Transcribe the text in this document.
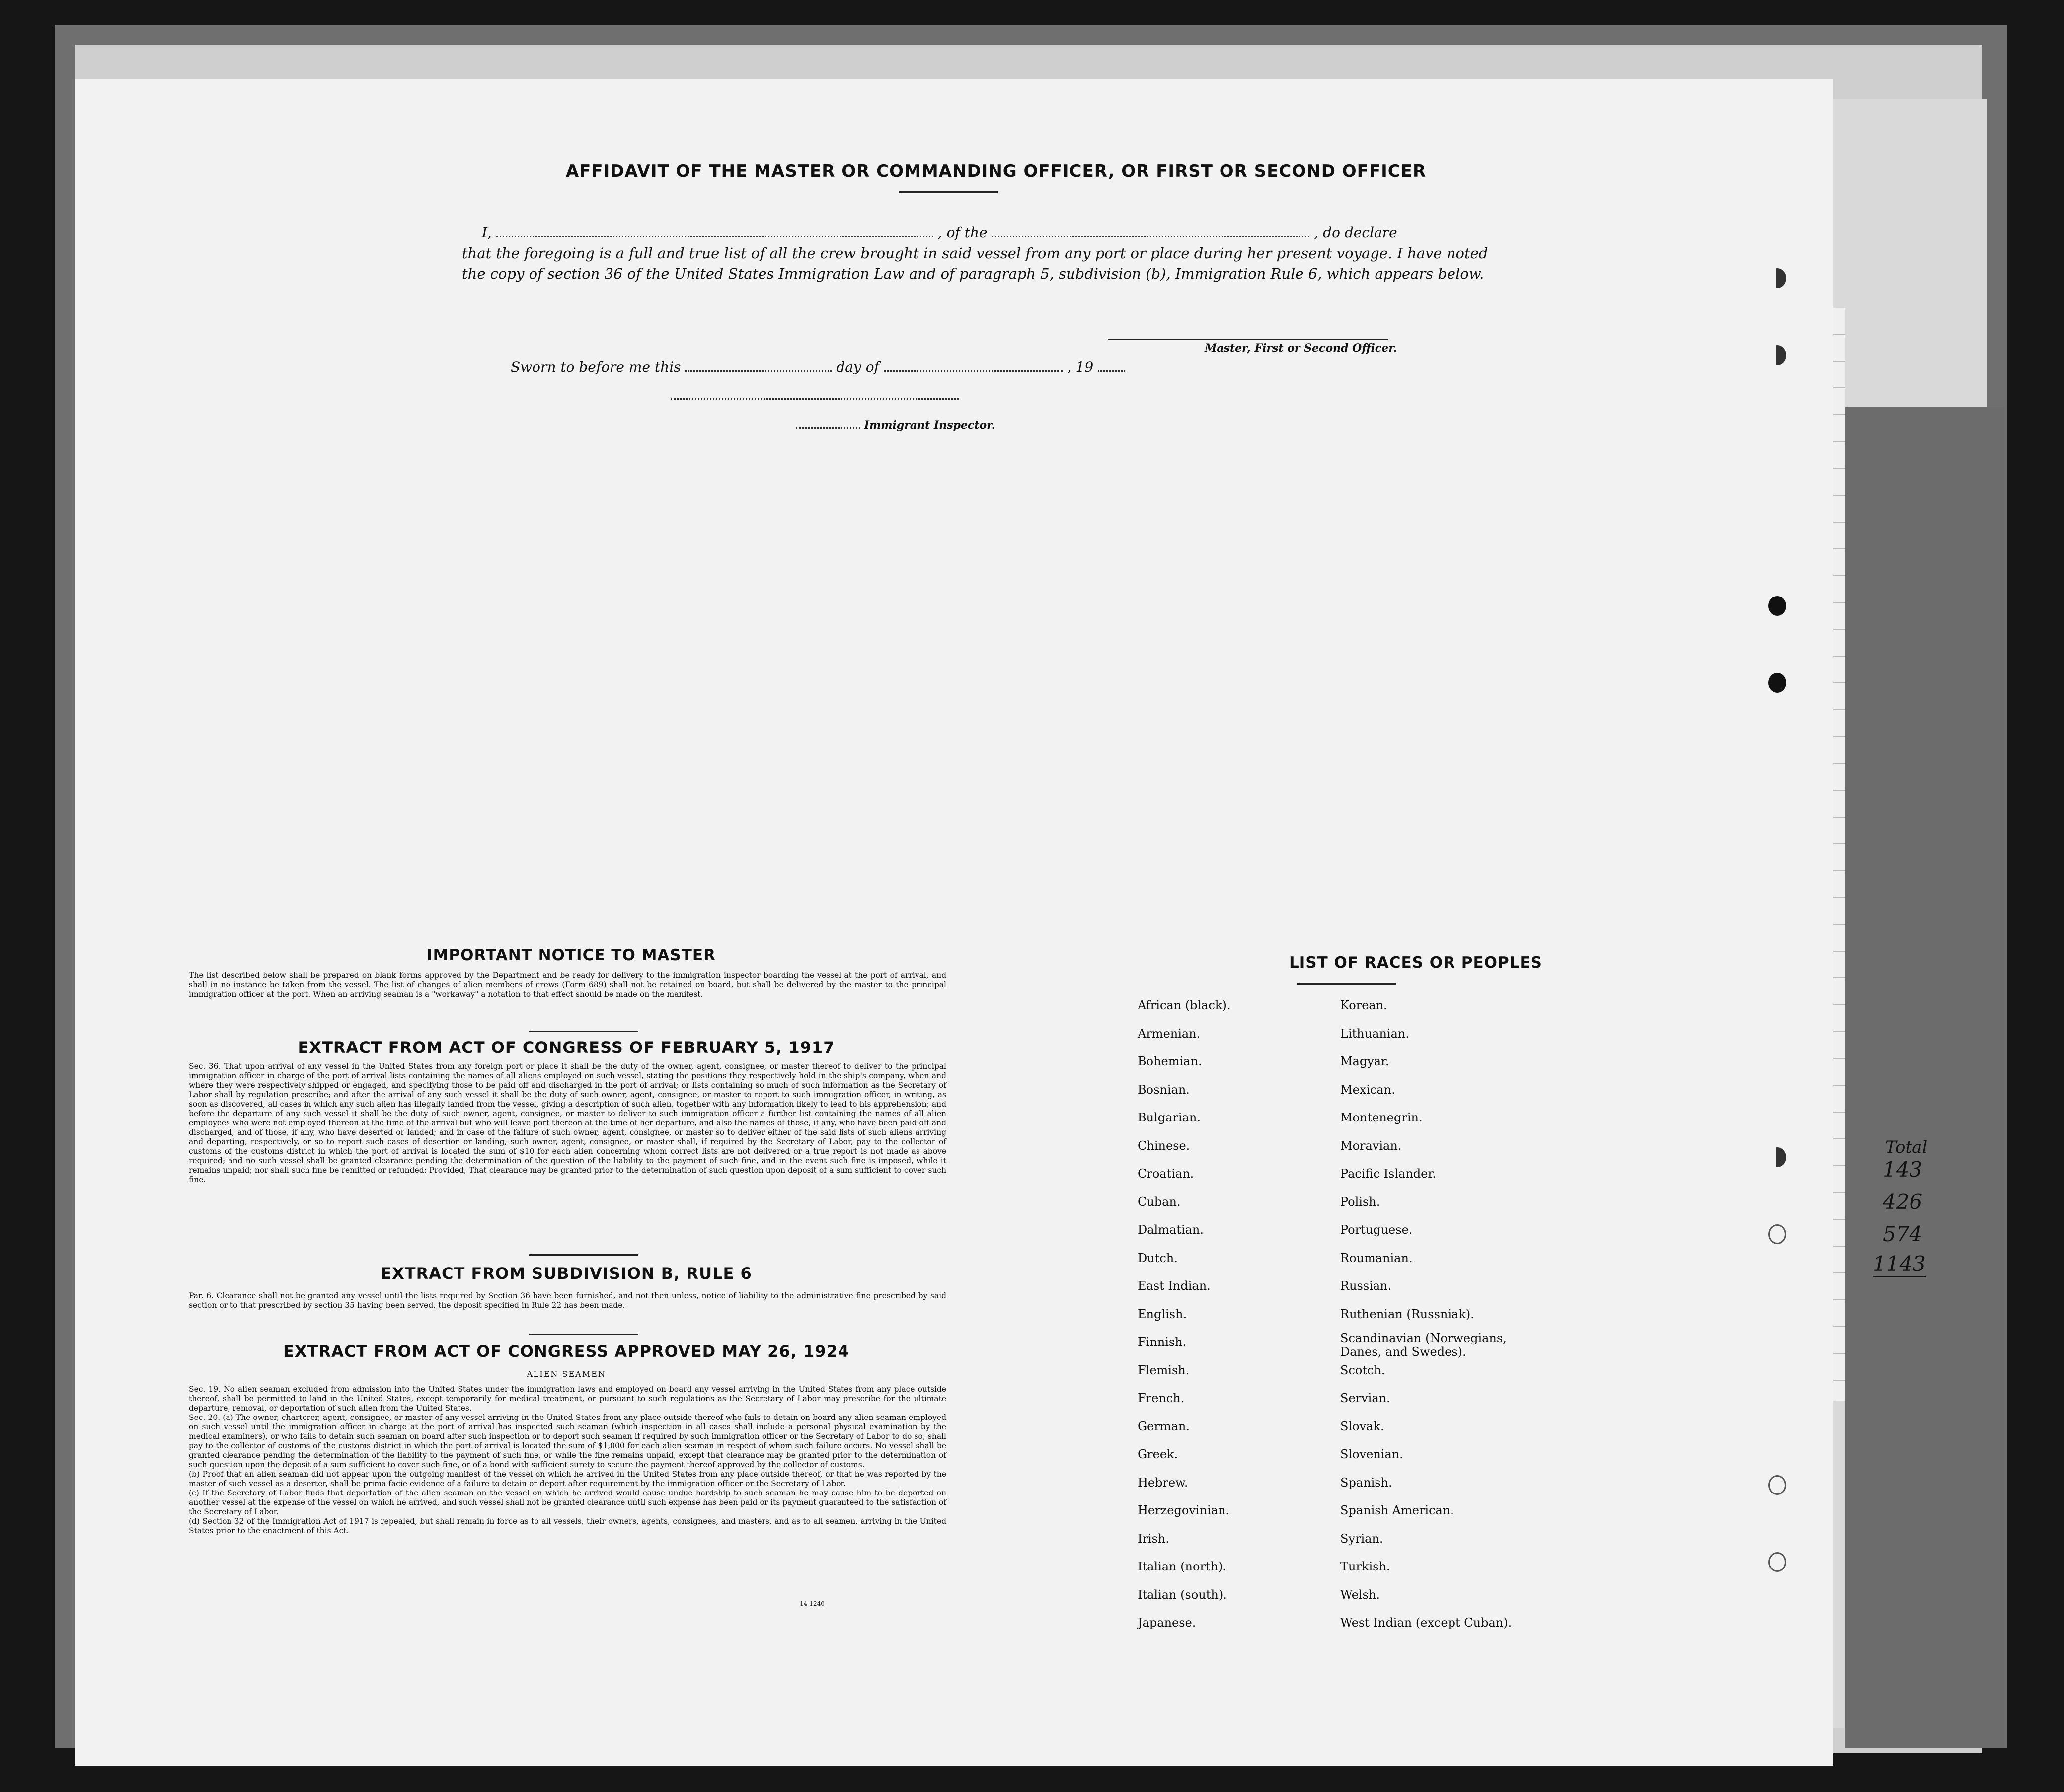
Total
143
426
574
1143
AFFIDAVIT OF THE MASTER OR COMMANDING OFFICER, OR FIRST OR SECOND OFFICER
I,	, of the	, do declare
that the foregoing is a full and true list of all the crew brought in said vessel from any port or place during her present voyage. I have noted the copy of section 36 of the United States Immigration Law and of paragraph 5, subdivision (b), Immigration Rule 6, which appears below.
Master, First or Second Officer.
Sworn to before me this	day of	, 19
Immigrant Inspector.
IMPORTANT NOTICE TO MASTER
The list described below shall be prepared on blank forms approved by the Department and be ready for delivery to the immigration inspector boarding the vessel at the port of arrival, and shall in no instance be taken from the vessel. The list of changes of alien members of crews (Form 689) shall not be retained on board, but shall be delivered by the master to the principal immigration officer at the port. When an arriving seaman is a "workaway" a notation to that effect should be made on the manifest.
EXTRACT FROM ACT OF CONGRESS OF FEBRUARY 5, 1917
Sec. 36. That upon arrival of any vessel in the United States from any foreign port or place it shall be the duty of the owner, agent, consignee, or master thereof to deliver to the principal immigration officer in charge of the port of arrival lists containing the names of all aliens employed on such vessel, stating the positions they respectively hold in the ship's company, when and where they were respectively shipped or engaged, and specifying those to be paid off and discharged in the port of arrival; or lists containing so much of such information as the Secretary of Labor shall by regulation prescribe; and after the arrival of any such vessel it shall be the duty of such owner, agent, consignee, or master to report to such immigration officer, in writing, as soon as discovered, all cases in which any such alien has illegally landed from the vessel, giving a description of such alien, together with any information likely to lead to his apprehension; and before the departure of any such vessel it shall be the duty of such owner, agent, consignee, or master to deliver to such immigration officer a further list containing the names of all alien employees who were not employed thereon at the time of the arrival but who will leave port thereon at the time of her departure, and also the names of those, if any, who have been paid off and discharged, and of those, if any, who have deserted or landed; and in case of the failure of such owner, agent, consignee, or master so to deliver either of the said lists of such aliens arriving and departing, respectively, or so to report such cases of desertion or landing, such owner, agent, consignee, or master shall, if required by the Secretary of Labor, pay to the collector of customs of the customs district in which the port of arrival is located the sum of $10 for each alien concerning whom correct lists are not delivered or a true report is not made as above required; and no such vessel shall be granted clearance pending the determination of the question of the liability to the payment of such fine, and in the event such fine is imposed, while it remains unpaid; nor shall such fine be remitted or refunded: Provided, That clearance may be granted prior to the determination of such question upon deposit of a sum sufficient to cover such fine.
EXTRACT FROM SUBDIVISION B, RULE 6
Par. 6. Clearance shall not be granted any vessel until the lists required by Section 36 have been furnished, and not then unless, notice of liability to the administrative fine prescribed by said section or to that prescribed by section 35 having been served, the deposit specified in Rule 22 has been made.
EXTRACT FROM ACT OF CONGRESS APPROVED MAY 26, 1924
ALIEN SEAMEN
Sec. 19. No alien seaman excluded from admission into the United States under the immigration laws and employed on board any vessel arriving in the United States from any place outside thereof, shall be permitted to land in the United States, except temporarily for medical treatment, or pursuant to such regulations as the Secretary of Labor may prescribe for the ultimate departure, removal, or deportation of such alien from the United States.
Sec. 20. (a) The owner, charterer, agent, consignee, or master of any vessel arriving in the United States from any place outside thereof who fails to detain on board any alien seaman employed on such vessel until the immigration officer in charge at the port of arrival has inspected such seaman (which inspection in all cases shall include a personal physical examination by the medical examiners), or who fails to detain such seaman on board after such inspection or to deport such seaman if required by such immigration officer or the Secretary of Labor to do so, shall pay to the collector of customs of the customs district in which the port of arrival is located the sum of $1,000 for each alien seaman in respect of whom such failure occurs. No vessel shall be granted clearance pending the determination of the liability to the payment of such fine, or while the fine remains unpaid, except that clearance may be granted prior to the determination of such question upon the deposit of a sum sufficient to cover such fine, or of a bond with sufficient surety to secure the payment thereof approved by the collector of customs.
(b) Proof that an alien seaman did not appear upon the outgoing manifest of the vessel on which he arrived in the United States from any place outside thereof, or that he was reported by the master of such vessel as a deserter, shall be prima facie evidence of a failure to detain or deport after requirement by the immigration officer or the Secretary of Labor.
(c) If the Secretary of Labor finds that deportation of the alien seaman on the vessel on which he arrived would cause undue hardship to such seaman he may cause him to be deported on another vessel at the expense of the vessel on which he arrived, and such vessel shall not be granted clearance until such expense has been paid or its payment guaranteed to the satisfaction of the Secretary of Labor.
(d) Section 32 of the Immigration Act of 1917 is repealed, but shall remain in force as to all vessels, their owners, agents, consignees, and masters, and as to all seamen, arriving in the United States prior to the enactment of this Act.
14-1240
LIST OF RACES OR PEOPLES
African (black).
Armenian.
Bohemian.
Bosnian.
Bulgarian.
Chinese.
Croatian.
Cuban.
Dalmatian.
Dutch.
East Indian.
English.
Finnish.
Flemish.
French.
German.
Greek.
Hebrew.
Herzegovinian.
Irish.
Italian (north).
Italian (south).
Japanese.
Korean.
Lithuanian.
Magyar.
Mexican.
Montenegrin.
Moravian.
Pacific Islander.
Polish.
Portuguese.
Roumanian.
Russian.
Ruthenian (Russniak).
Scandinavian (Norwegians, Danes, and Swedes).
Scotch.
Servian.
Slovak.
Slovenian.
Spanish.
Spanish American.
Syrian.
Turkish.
Welsh.
West Indian (except Cuban).
